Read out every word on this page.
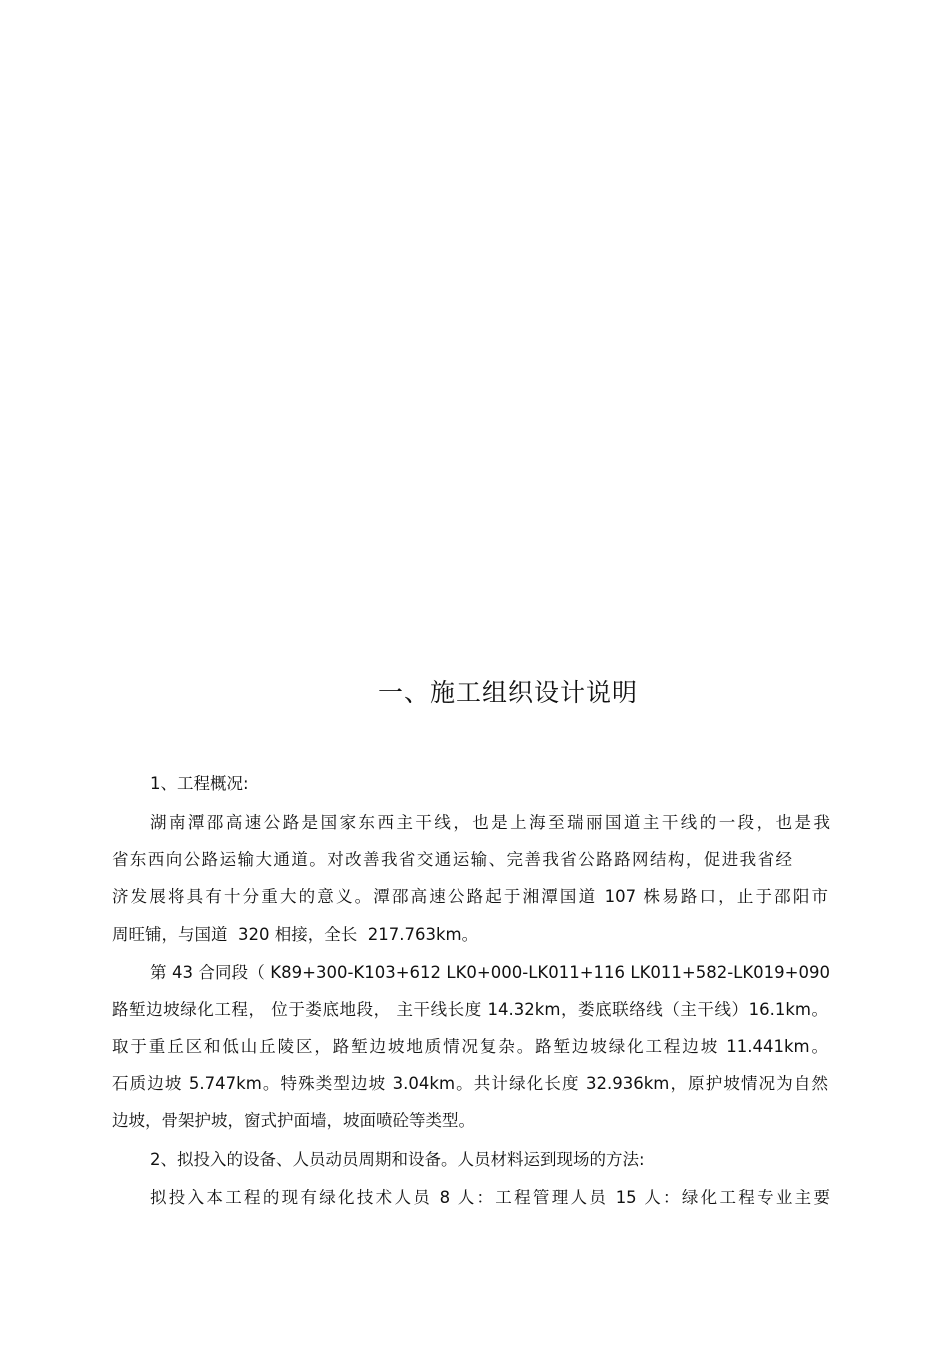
一、施工组织设计说明
1、工程概况:
湖南潭邵高速公路是国家东西主干线，也是上海至瑞丽国道主干线的一段，也是我
省东西向公路运输大通道。对改善我省交通运输、完善我省公路路网结构，促进我省经
济发展将具有十分重大的意义。潭邵高速公路起于湘潭国道 107 株易路口，止于邵阳市
周旺铺，与国道  320 相接，全长  217.763km。
第 43 合同段（ K89+300-K103+612 LK0+000-LK011+116 LK011+582-LK019+090
路堑边坡绿化工程， 位于娄底地段， 主干线长度 14.32km，娄底联络线（主干线）16.1km。
取于重丘区和低山丘陵区，路堑边坡地质情况复杂。路堑边坡绿化工程边坡 11.441km。
石质边坡 5.747km。特殊类型边坡 3.04km。共计绿化长度 32.936km，原护坡情况为自然
边坡，骨架护坡，窗式护面墙，坡面喷砼等类型。
2、拟投入的设备、人员动员周期和设备。人员材料运到现场的方法:
拟投入本工程的现有绿化技术人员 8 人：工程管理人员 15 人：绿化工程专业主要
